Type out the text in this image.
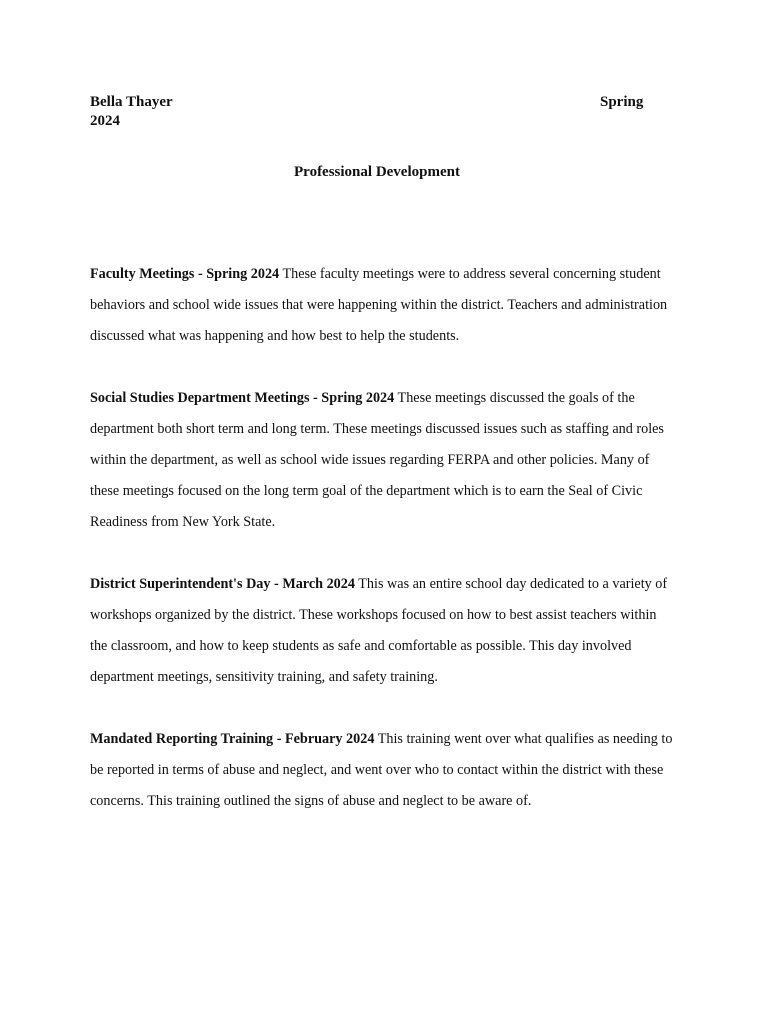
Bella Thayer	Spring
2024
Professional Development

Faculty Meetings - Spring 2024 These faculty meetings were to address several concerning student behaviors and school wide issues that were happening within the district. Teachers and administration discussed what was happening and how best to help the students.

Social Studies Department Meetings - Spring 2024 These meetings discussed the goals of the department both short term and long term. These meetings discussed issues such as staffing and roles within the department, as well as school wide issues regarding FERPA and other policies. Many of these meetings focused on the long term goal of the department which is to earn the Seal of Civic Readiness from New York State.

District Superintendent's Day - March 2024 This was an entire school day dedicated to a variety of workshops organized by the district. These workshops focused on how to best assist teachers within the classroom, and how to keep students as safe and comfortable as possible. This day involved department meetings, sensitivity training, and safety training.

Mandated Reporting Training - February 2024 This training went over what qualifies as needing to be reported in terms of abuse and neglect, and went over who to contact within the district with these concerns. This training outlined the signs of abuse and neglect to be aware of.
